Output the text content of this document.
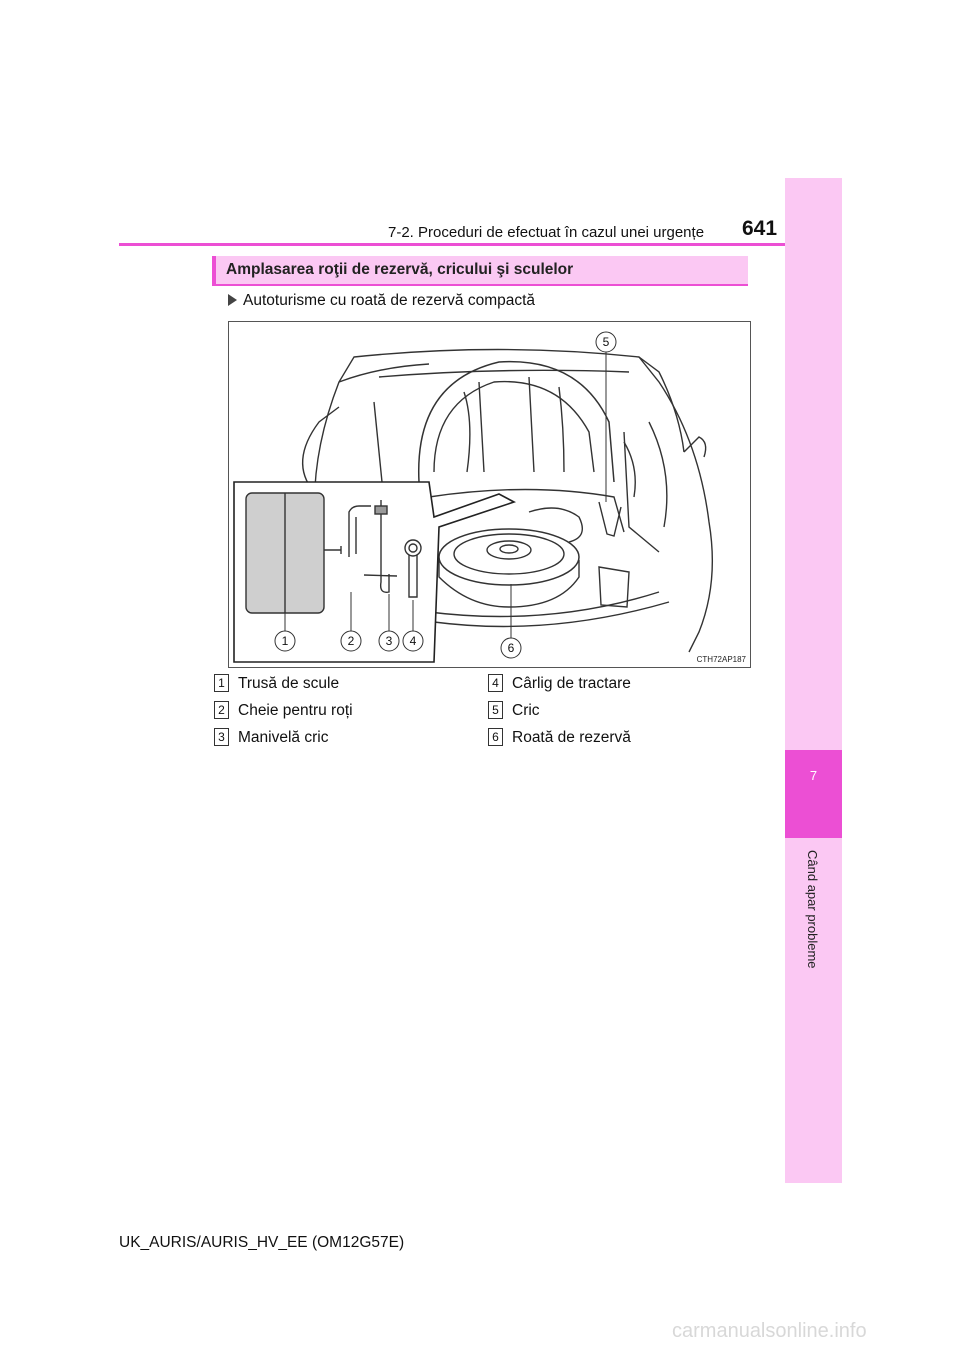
7
Când apar probleme
7-2. Proceduri de efectuat în cazul unei urgențe 641
Amplasarea roţii de rezervă, cricului şi sculelor
Autoturisme cu roată de rezervă compactă
1	2	3 4
5
6
CTH72AP187
1 Trusă de scule
2 Cheie pentru roți
3 Manivelă cric
4 Cârlig de tractare
5 Cric
6 Roată de rezervă
UK_AURIS/AURIS_HV_EE (OM12G57E)
carmanualsonline.info
